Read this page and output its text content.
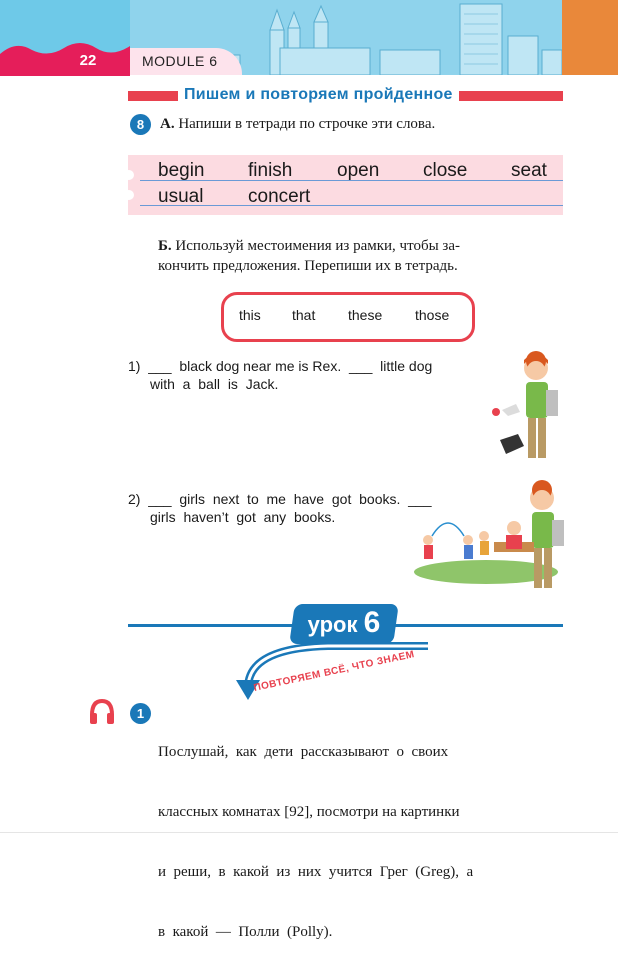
22	MODULE 6
Пишем и повторяем пройденное
8	А. Напиши в тетради по строчке эти слова.
begin finish open close seat
usual concert
Б. Используй местоимения из рамки, чтобы за-
кончить предложения. Перепиши их в тетрадь.
this that these those
1)  ___  black dog near me is Rex.  ___  little dog
with  a  ball  is  Jack.
2)  ___  girls  next  to  me  have  got  books.  ___
girls  haven’t  got  any  books.
урок 6
ПОВТОРЯЕМ ВСЁ, ЧТО ЗНАЕМ
1

Послушай,  как  дети  рассказывают  о  своих

классных комнатах [92], посмотри на картинки

и  реши,  в  какой  из  них  учится  Грег  (Greg),  а

в  какой  —  Полли  (Polly).
